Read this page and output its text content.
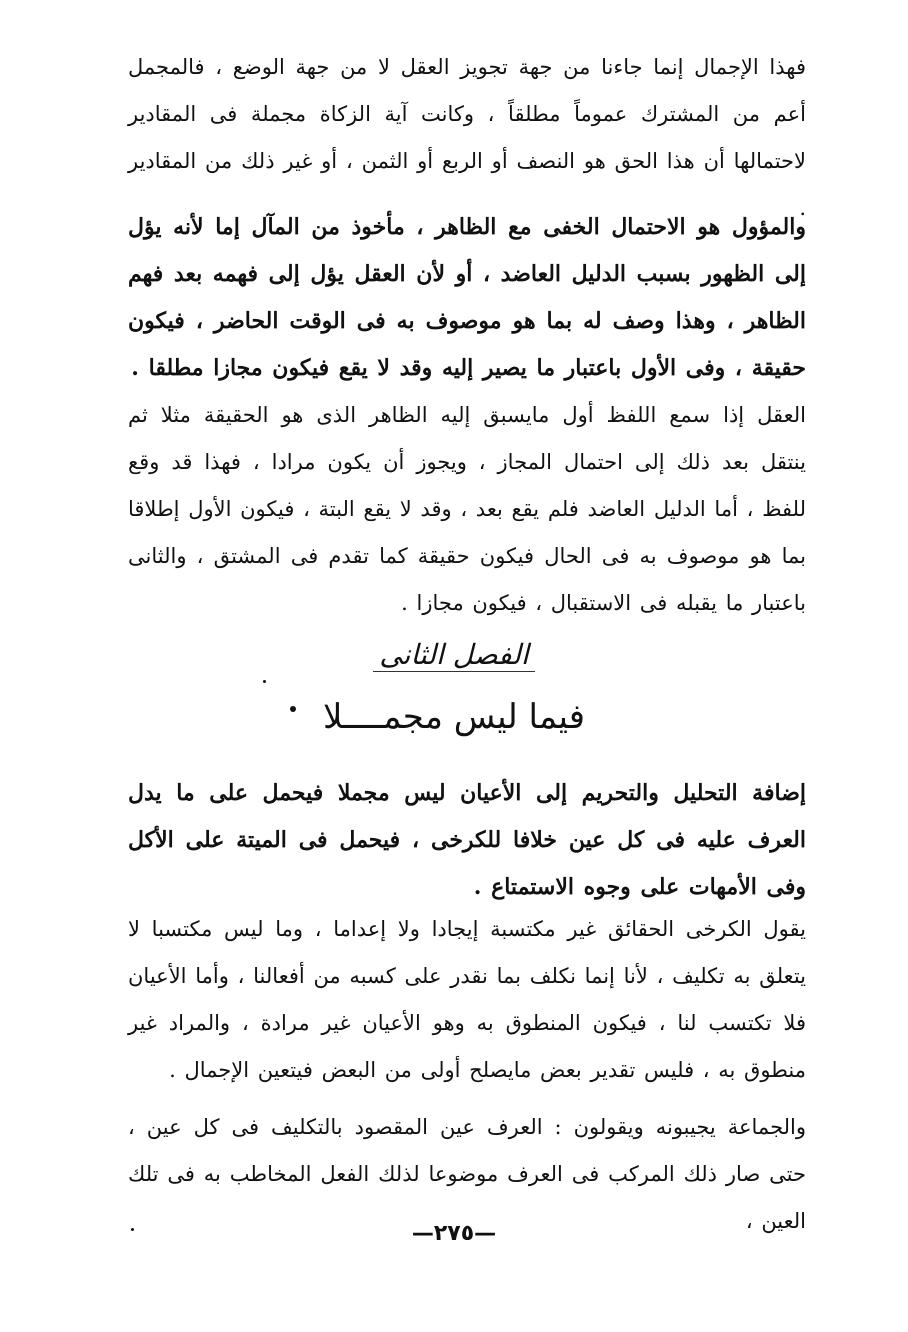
فهذا الإجمال إنما جاءنا من جهة تجويز العقل لا من جهة الوضع ، فالمجمل أعم من المشترك عموماً مطلقاً ، وكانت آية الزكاة مجملة فى المقادير لاحتمالها أن هذا الحق هو النصف أو الربع أو الثمن ، أو غير ذلك من المقادير .

والمؤول هو الاحتمال الخفى مع الظاهر ، مأخوذ من المآل إما لأنه يؤل إلى الظهور بسبب الدليل العاضد ، أو لأن العقل يؤل إلى فهمه بعد فهم الظاهر ، وهذا وصف له بما هو موصوف به فى الوقت الحاضر ، فيكون حقيقة ، وفى الأول باعتبار ما يصير إليه وقد لا يقع فيكون مجازا مطلقا .

العقل إذا سمع اللفظ أول مايسبق إليه الظاهر الذى هو الحقيقة مثلا ثم ينتقل بعد ذلك إلى احتمال المجاز ، ويجوز أن يكون مرادا ، فهذا قد وقع للفظ ، أما الدليل العاضد فلم يقع بعد ، وقد لا يقع البتة ، فيكون الأول إطلاقا بما هو موصوف به فى الحال فيكون حقيقة كما تقدم فى المشتق ، والثانى باعتبار ما يقبله فى الاستقبال ، فيكون مجازا .

الفصل الثانى
فيما ليس مجمــــلا

إضافة التحليل والتحريم إلى الأعيان ليس مجملا فيحمل على ما يدل العرف عليه فى كل عين خلافا للكرخى ، فيحمل فى الميتة على الأكل وفى الأمهات على وجوه الاستمتاع .

يقول الكرخى الحقائق غير مكتسبة إيجادا ولا إعداما ، وما ليس مكتسبا لا يتعلق به تكليف ، لأنا إنما نكلف بما نقدر على كسبه من أفعالنا ، وأما الأعيان فلا تكتسب لنا ، فيكون المنطوق به وهو الأعيان غير مرادة ، والمراد غير منطوق به ، فليس تقدير بعض مايصلح أولى من البعض فيتعين الإجمال .

والجماعة يجيبونه ويقولون : العرف عين المقصود بالتكليف فى كل عين ، حتى صار ذلك المركب فى العرف موضوعا لذلك الفعل المخاطب به فى تلك العين ،

—٢٧٥—
